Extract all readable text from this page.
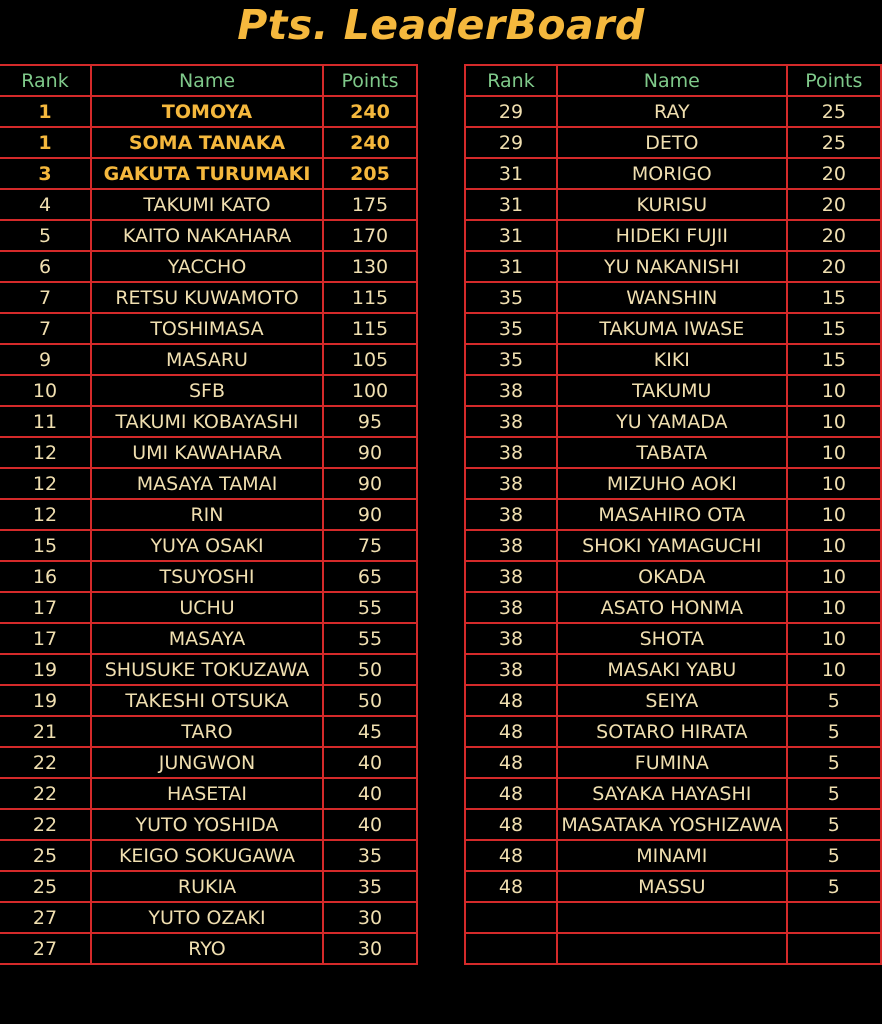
Pts. LeaderBoard
Rank	Name	Points
1	TOMOYA	240
1	SOMA TANAKA	240
3	GAKUTA TURUMAKI	205
4	TAKUMI KATO	175
5	KAITO NAKAHARA	170
6	YACCHO	130
7	RETSU KUWAMOTO	115
7	TOSHIMASA	115
9	MASARU	105
10	SFB	100
11	TAKUMI KOBAYASHI	95
12	UMI KAWAHARA	90
12	MASAYA TAMAI	90
12	RIN	90
15	YUYA OSAKI	75
16	TSUYOSHI	65
17	UCHU	55
17	MASAYA	55
19	SHUSUKE TOKUZAWA	50
19	TAKESHI OTSUKA	50
21	TARO	45
22	JUNGWON	40
22	HASETAI	40
22	YUTO YOSHIDA	40
25	KEIGO SOKUGAWA	35
25	RUKIA	35
27	YUTO OZAKI	30
27	RYO	30
Rank	Name	Points
29	RAY	25
29	DETO	25
31	MORIGO	20
31	KURISU	20
31	HIDEKI FUJII	20
31	YU NAKANISHI	20
35	WANSHIN	15
35	TAKUMA IWASE	15
35	KIKI	15
38	TAKUMU	10
38	YU YAMADA	10
38	TABATA	10
38	MIZUHO AOKI	10
38	MASAHIRO OTA	10
38	SHOKI YAMAGUCHI	10
38	OKADA	10
38	ASATO HONMA	10
38	SHOTA	10
38	MASAKI YABU	10
48	SEIYA	5
48	SOTARO HIRATA	5
48	FUMINA	5
48	SAYAKA HAYASHI	5
48	MASATAKA YOSHIZAWA	5
48	MINAMI	5
48	MASSU	5
